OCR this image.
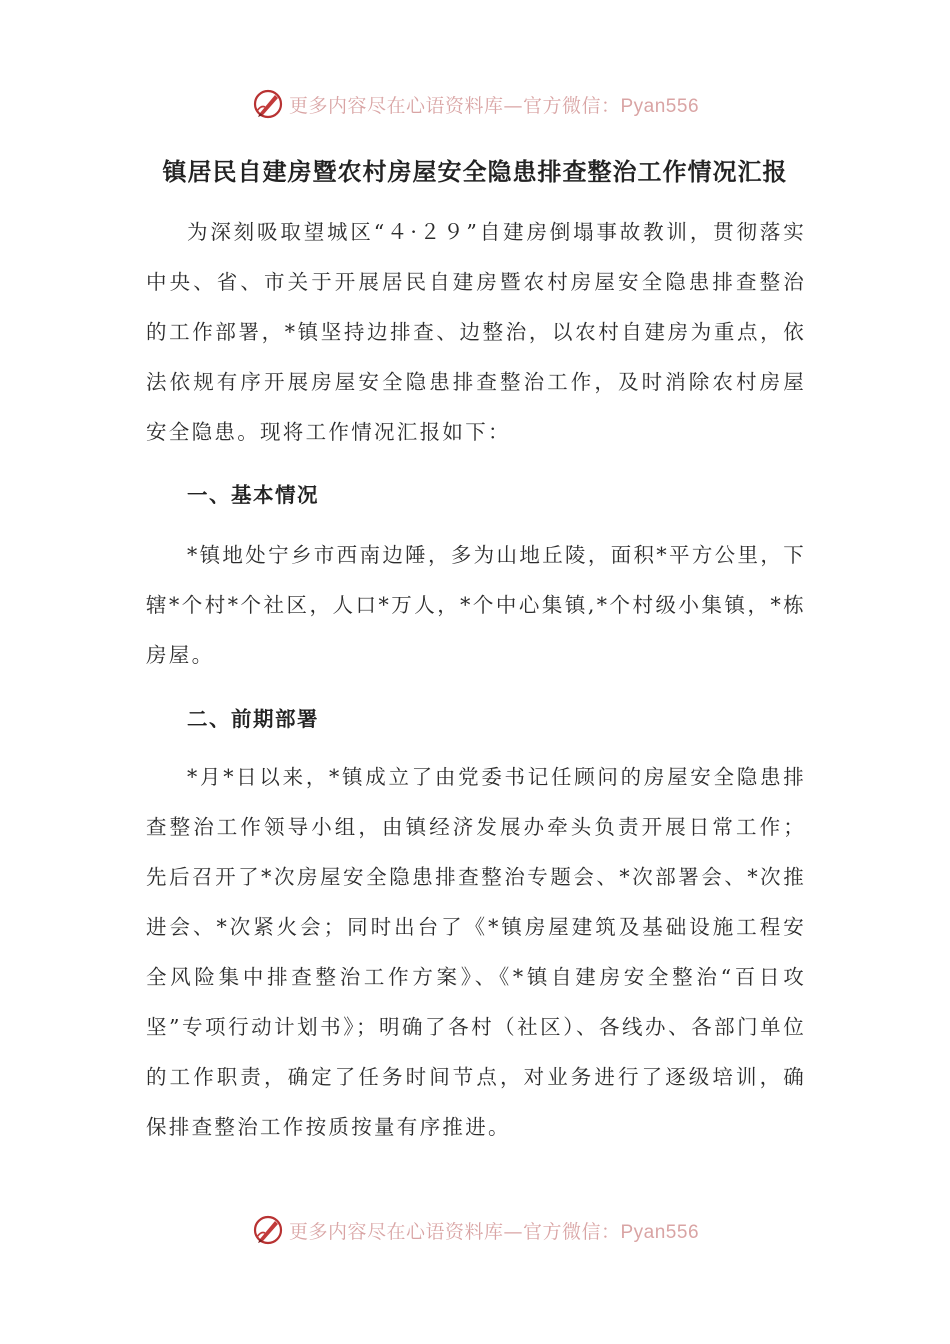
更多内容尽在心语资料库—官方微信：Pyan556
镇居民自建房暨农村房屋安全隐患排查整治工作情况汇报

为深刻吸取望城区“４·２９”自建房倒塌事故教训，贯彻落实中央、省、市关于开展居民自建房暨农村房屋安全隐患排查整治的工作部署，*镇坚持边排查、边整治，以农村自建房为重点，依法依规有序开展房屋安全隐患排查整治工作，及时消除农村房屋安全隐患。现将工作情况汇报如下：

一、基本情况

*镇地处宁乡市西南边陲，多为山地丘陵，面积*平方公里，下辖*个村*个社区，人口*万人，*个中心集镇,*个村级小集镇，*栋房屋。

二、前期部署

*月*日以来，*镇成立了由党委书记任顾问的房屋安全隐患排查整治工作领导小组，由镇经济发展办牵头负责开展日常工作；先后召开了*次房屋安全隐患排查整治专题会、*次部署会、*次推进会、*次紧火会；同时出台了《*镇房屋建筑及基础设施工程安全风险集中排查整治工作方案》、《*镇自建房安全整治“百日攻坚”专项行动计划书》；明确了各村（社区）、各线办、各部门单位的工作职责，确定了任务时间节点，对业务进行了逐级培训，确保排查整治工作按质按量有序推进。

更多内容尽在心语资料库—官方微信：Pyan556
